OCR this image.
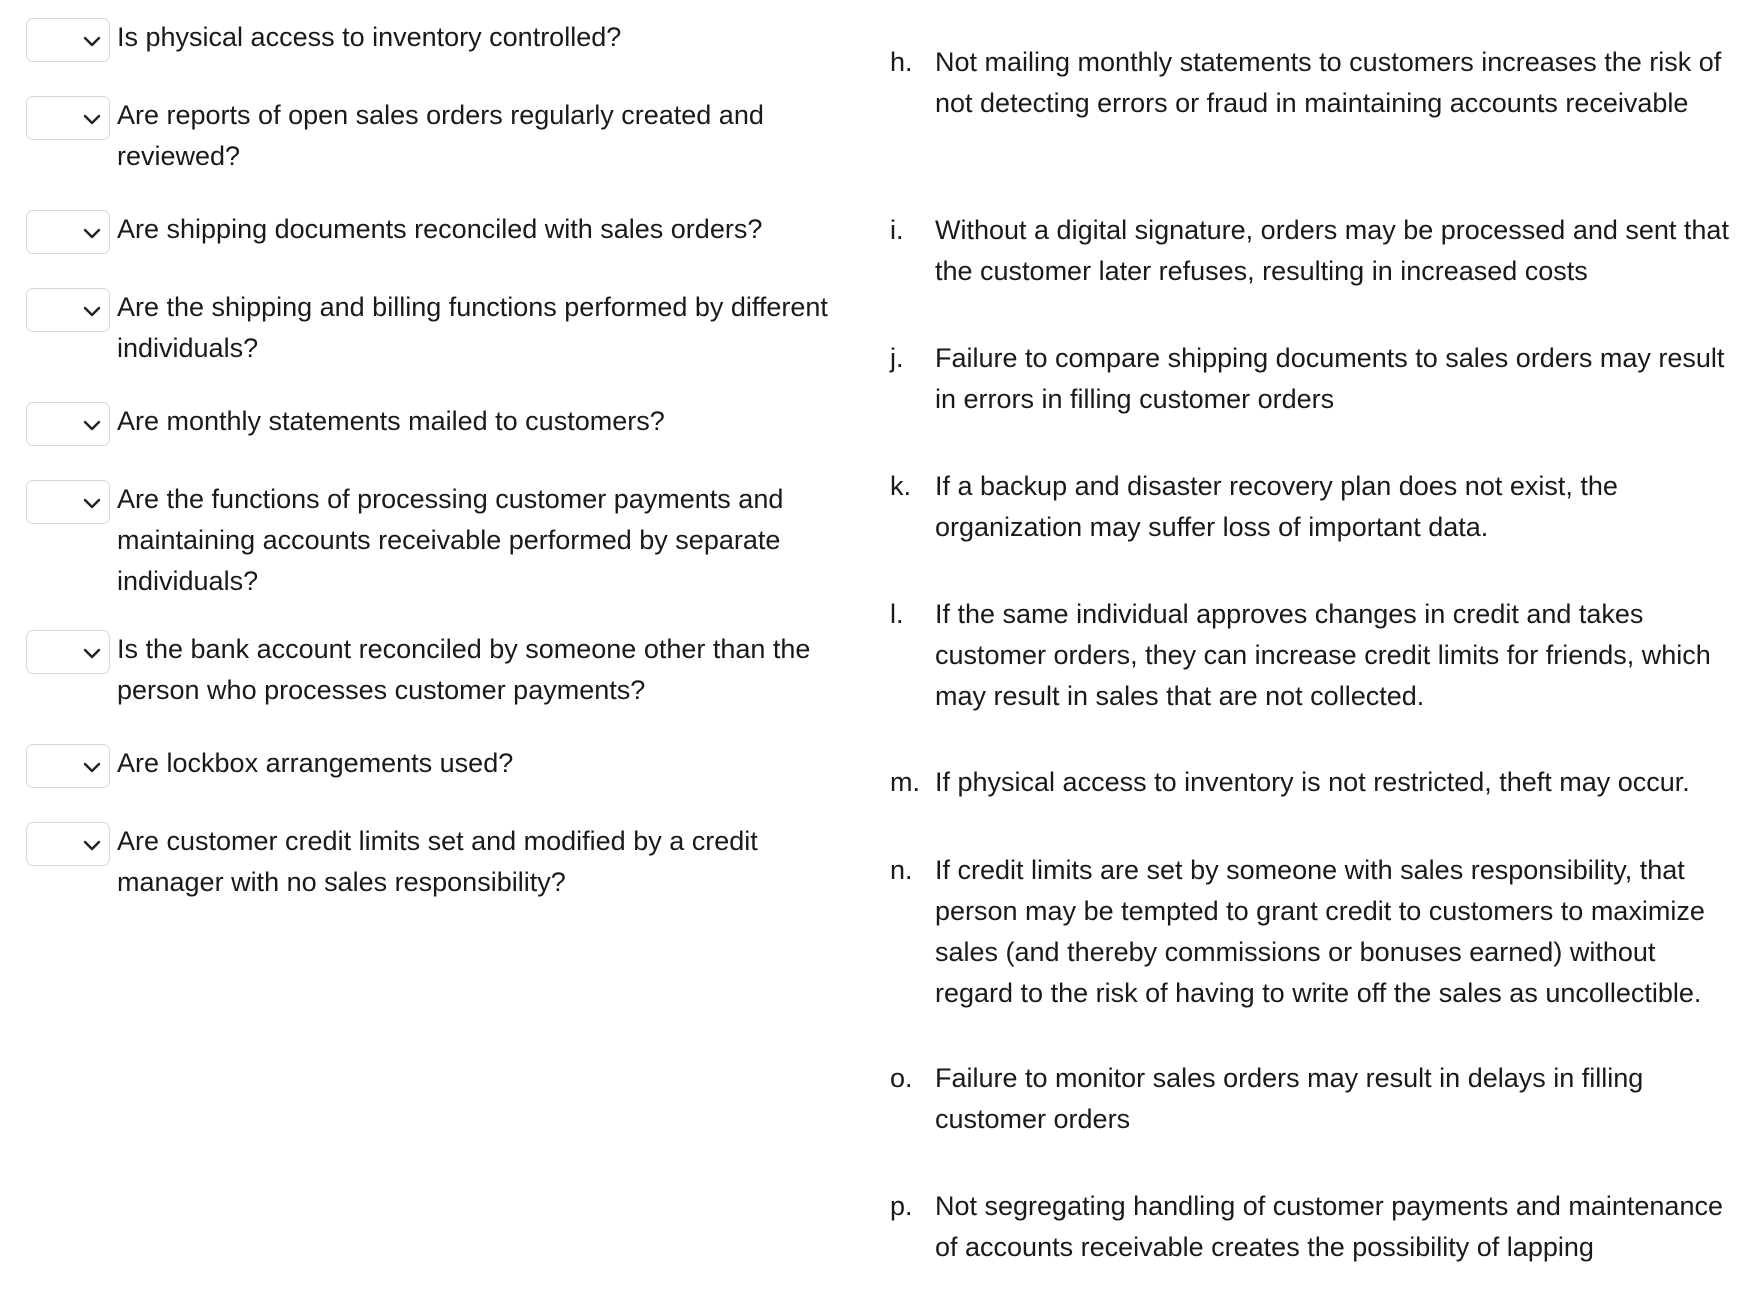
Is physical access to inventory controlled?

Are reports of open sales orders regularly created and reviewed?

Are shipping documents reconciled with sales orders?

Are the shipping and billing functions performed by different individuals?

Are monthly statements mailed to customers?

Are the functions of processing customer payments and maintaining accounts receivable performed by separate individuals?

Is the bank account reconciled by someone other than the person who processes customer payments?

Are lockbox arrangements used?

Are customer credit limits set and modified by a credit manager with no sales responsibility?

h. Not mailing monthly statements to customers increases the risk of not detecting errors or fraud in maintaining accounts receivable

i.	Without a digital signature, orders may be processed and sent that the customer later refuses, resulting in increased costs

j.	Failure to compare shipping documents to sales orders may result in errors in filling customer orders

k. If a backup and disaster recovery plan does not exist, the organization may suffer loss of important data.

l.	If the same individual approves changes in credit and takes customer orders, they can increase credit limits for friends, which may result in sales that are not collected.

m. If physical access to inventory is not restricted, theft may occur.

n. If credit limits are set by someone with sales responsibility, that person may be tempted to grant credit to customers to maximize sales (and thereby commissions or bonuses earned) without regard to the risk of having to write off the sales as uncollectible.

o. Failure to monitor sales orders may result in delays in filling customer orders

p. Not segregating handling of customer payments and maintenance of accounts receivable creates the possibility of lapping
